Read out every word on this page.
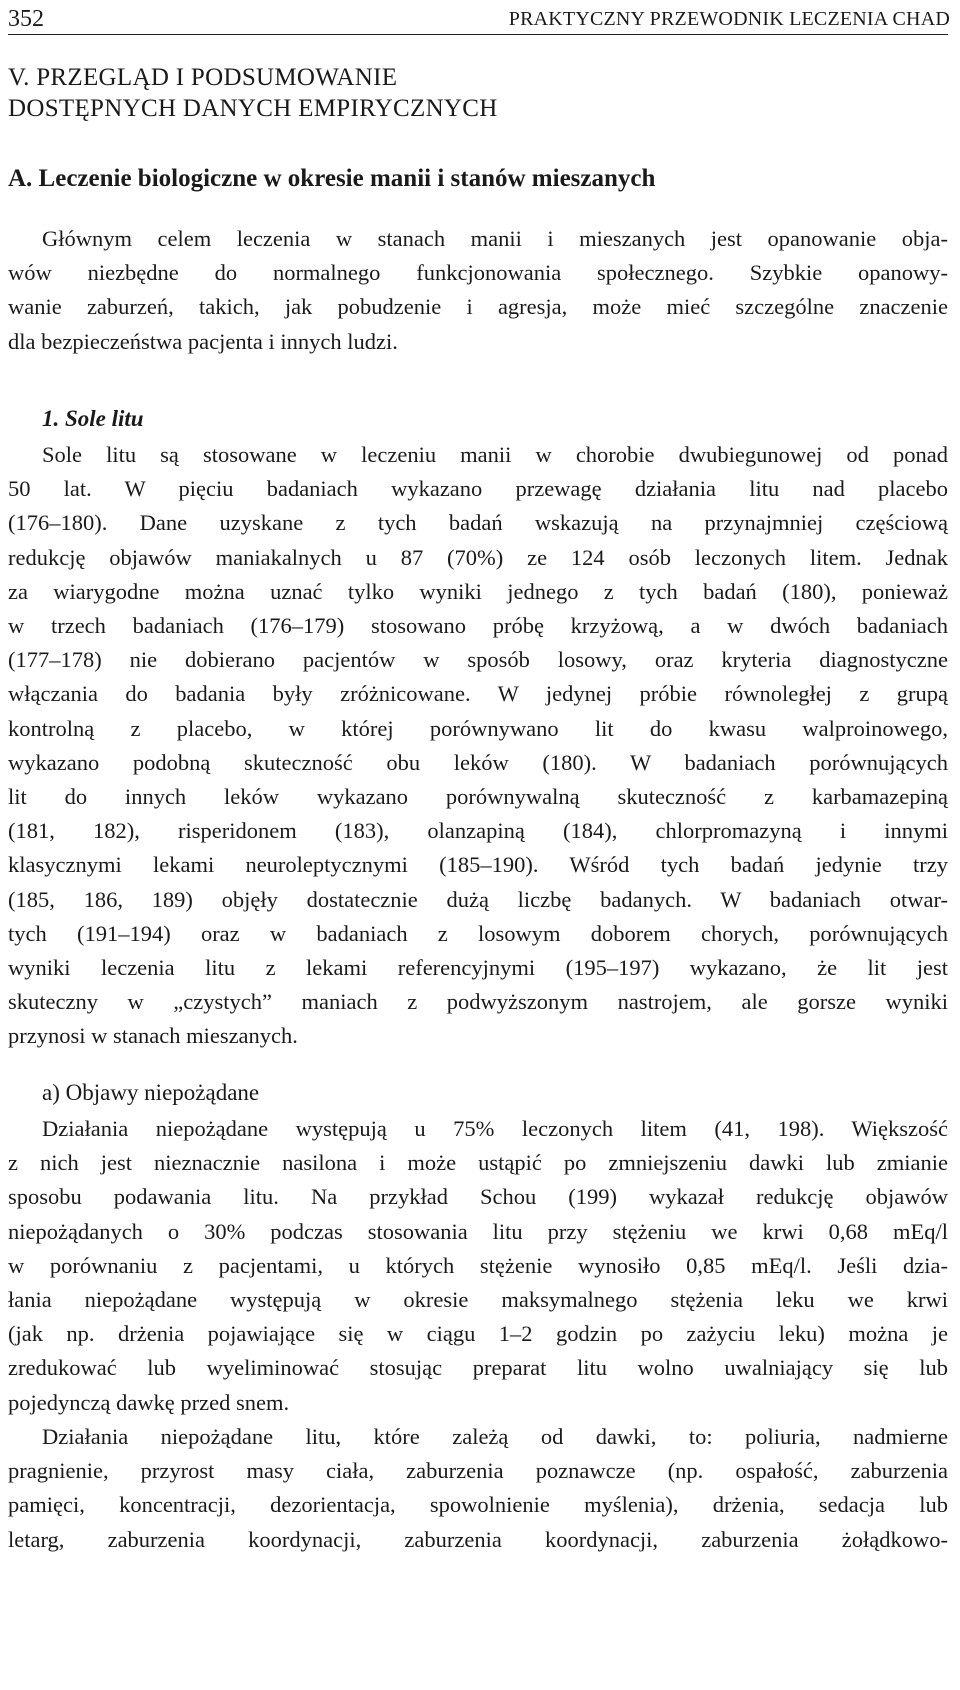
352	PRAKTYCZNY PRZEWODNIK LECZENIA CHAD
V. PRZEGLĄD I PODSUMOWANIE
DOSTĘPNYCH DANYCH EMPIRYCZNYCH
A. Leczenie biologiczne w okresie manii i stanów mieszanych
Głównym celem leczenia w stanach manii i mieszanych jest opanowanie obja-
wów niezbędne do normalnego funkcjonowania społecznego. Szybkie opanowy-
wanie zaburzeń, takich, jak pobudzenie i agresja, może mieć szczególne znaczenie
dla bezpieczeństwa pacjenta i innych ludzi.
1. Sole litu
Sole litu są stosowane w leczeniu manii w chorobie dwubiegunowej od ponad
50 lat. W pięciu badaniach wykazano przewagę działania litu nad placebo
(176–180). Dane uzyskane z tych badań wskazują na przynajmniej częściową
redukcję objawów maniakalnych u 87 (70%) ze 124 osób leczonych litem. Jednak
za wiarygodne można uznać tylko wyniki jednego z tych badań (180), ponieważ
w trzech badaniach (176–179) stosowano próbę krzyżową, a w dwóch badaniach
(177–178) nie dobierano pacjentów w sposób losowy, oraz kryteria diagnostyczne
włączania do badania były zróżnicowane. W jedynej próbie równoległej z grupą
kontrolną z placebo, w której porównywano lit do kwasu walproinowego,
wykazano podobną skuteczność obu leków (180). W badaniach porównujących
lit do innych leków wykazano porównywalną skuteczność z karbamazepiną
(181, 182), risperidonem (183), olanzapiną (184), chlorpromazyną i innymi
klasycznymi lekami neuroleptycznymi (185–190). Wśród tych badań jedynie trzy
(185, 186, 189) objęły dostatecznie dużą liczbę badanych. W badaniach otwar-
tych (191–194) oraz w badaniach z losowym doborem chorych, porównujących
wyniki leczenia litu z lekami referencyjnymi (195–197) wykazano, że lit jest
skuteczny w „czystych” maniach z podwyższonym nastrojem, ale gorsze wyniki
przynosi w stanach mieszanych.
a) Objawy niepożądane
Działania niepożądane występują u 75% leczonych litem (41, 198). Większość
z nich jest nieznacznie nasilona i może ustąpić po zmniejszeniu dawki lub zmianie
sposobu podawania litu. Na przykład Schou (199) wykazał redukcję objawów
niepożądanych o 30% podczas stosowania litu przy stężeniu we krwi 0,68 mEq/l
w porównaniu z pacjentami, u których stężenie wynosiło 0,85 mEq/l. Jeśli dzia-
łania niepożądane występują w okresie maksymalnego stężenia leku we krwi
(jak np. drżenia pojawiające się w ciągu 1–2 godzin po zażyciu leku) można je
zredukować lub wyeliminować stosując preparat litu wolno uwalniający się lub
pojedynczą dawkę przed snem.
Działania niepożądane litu, które zależą od dawki, to: poliuria, nadmierne
pragnienie, przyrost masy ciała, zaburzenia poznawcze (np. ospałość, zaburzenia
pamięci, koncentracji, dezorientacja, spowolnienie myślenia), drżenia, sedacja lub
letarg, zaburzenia koordynacji, zaburzenia koordynacji, zaburzenia żołądkowo-
